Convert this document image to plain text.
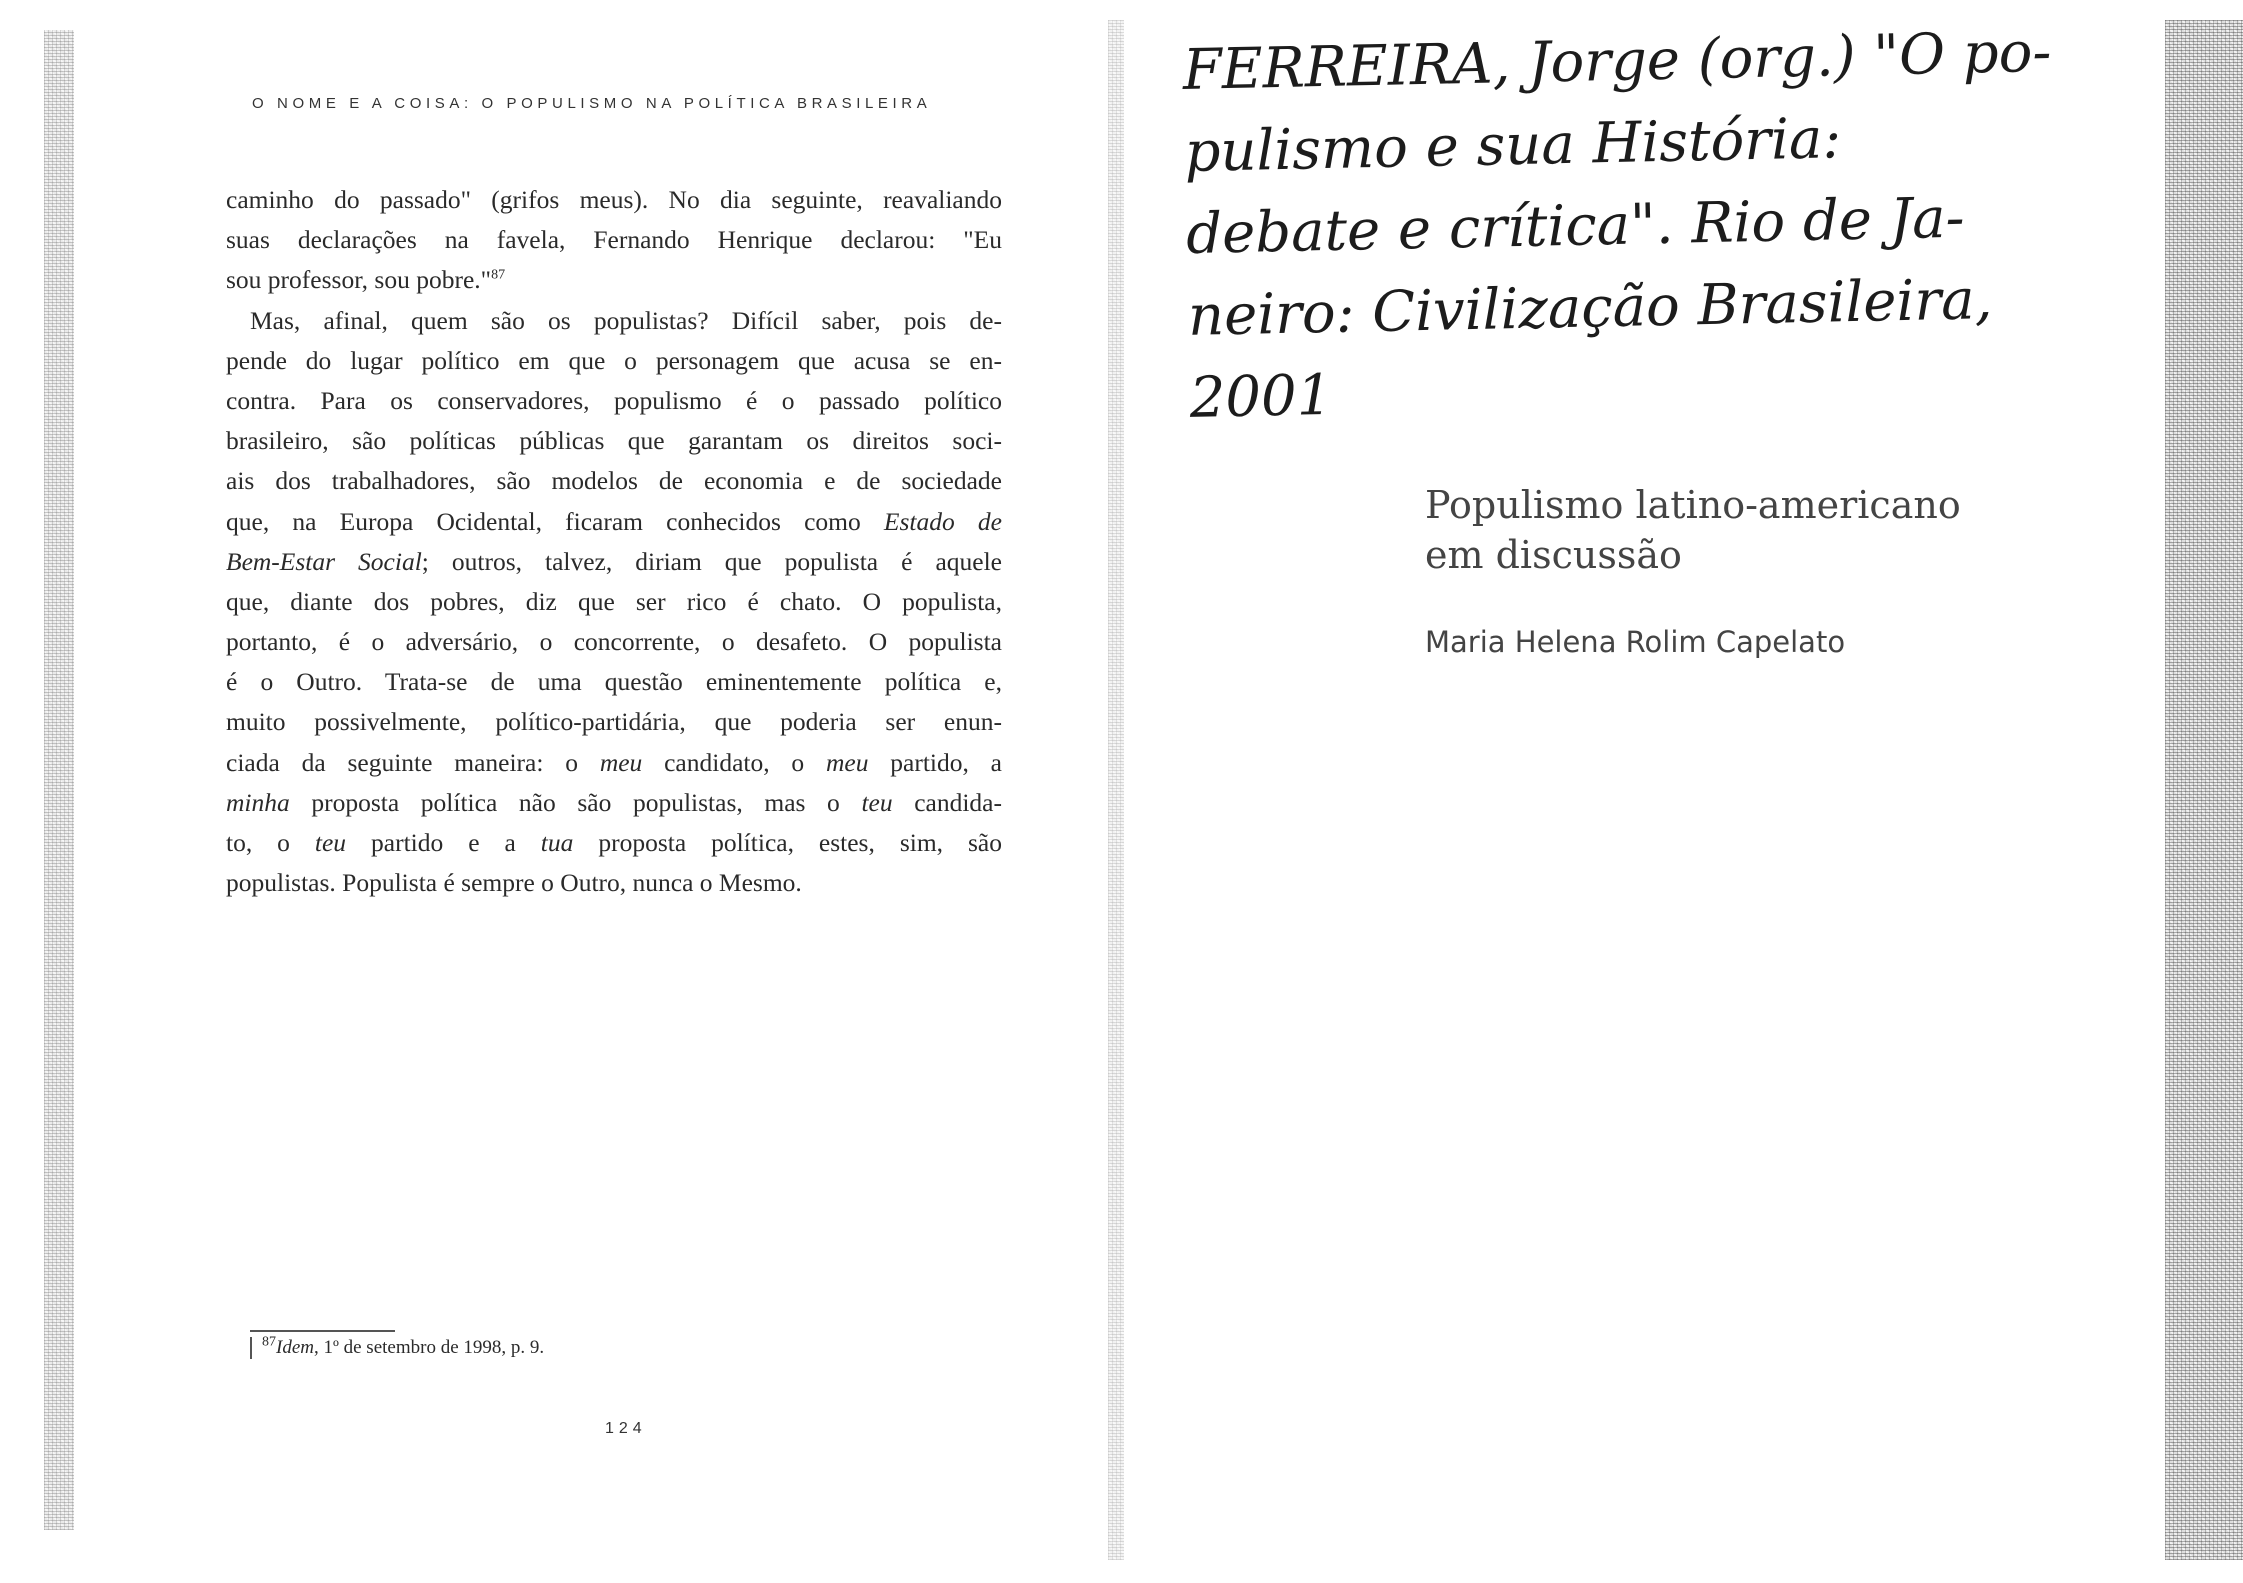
O NOME E A COISA: O POPULISMO NA POLÍTICA BRASILEIRA
caminho do passado" (grifos meus). No dia seguinte, reavaliando
suas declarações na favela, Fernando Henrique declarou: "Eu
sou professor, sou pobre."$^{87}$
Mas, afinal, quem são os populistas? Difícil saber, pois de-
pende do lugar político em que o personagem que acusa se en-
contra. Para os conservadores, populismo é o passado político
brasileiro, são políticas públicas que garantam os direitos soci-
ais dos trabalhadores, são modelos de economia e de sociedade
que, na Europa Ocidental, ficaram conhecidos como Estado de
Bem-Estar Social; outros, talvez, diriam que populista é aquele
que, diante dos pobres, diz que ser rico é chato. O populista,
portanto, é o adversário, o concorrente, o desafeto. O populista
é o Outro. Trata-se de uma questão eminentemente política e,
muito possivelmente, político-partidária, que poderia ser enun-
ciada da seguinte maneira: o meu candidato, o meu partido, a
minha proposta política não são populistas, mas o teu candida-
to, o teu partido e a tua proposta política, estes, sim, são
populistas. Populista é sempre o Outro, nunca o Mesmo.
$^{87}$Idem, 1º de setembro de 1998, p. 9.
124
FERREIRA, Jorge (org.) "O po-
pulismo e sua História:
debate e crítica". Rio de Ja-
neiro: Civilização Brasileira,
2001
Populismo latino-americano
em discussão
Maria Helena Rolim Capelato
